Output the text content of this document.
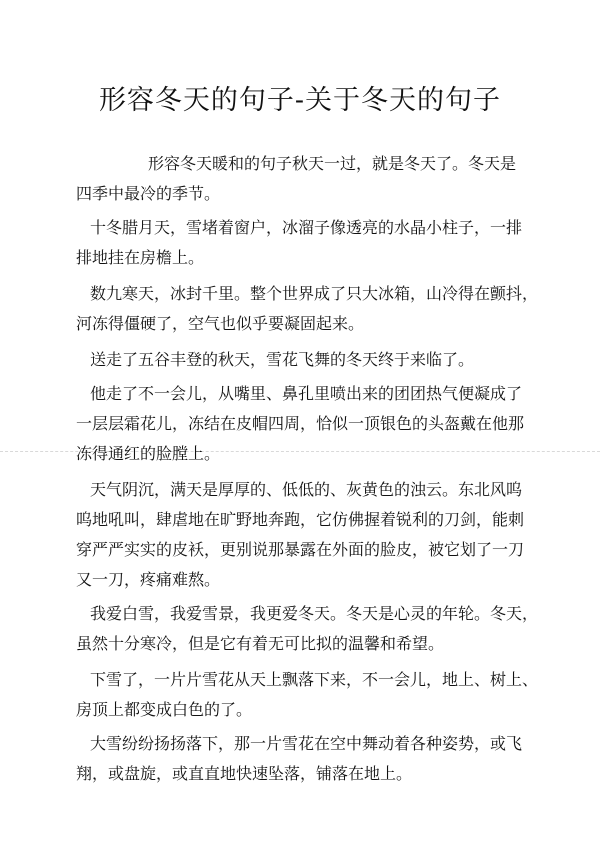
形容冬天的句子-关于冬天的句子
形容冬天暖和的句子秋天一过，就是冬天了。冬天是
四季中最冷的季节。
十冬腊月天，雪堵着窗户，冰溜子像透亮的水晶小柱子，一排
排地挂在房檐上。
数九寒天，冰封千里。整个世界成了只大冰箱，山冷得在颤抖，
河冻得僵硬了，空气也似乎要凝固起来。
送走了五谷丰登的秋天，雪花飞舞的冬天终于来临了。
他走了不一会儿，从嘴里、鼻孔里喷出来的团团热气便凝成了
一层层霜花儿，冻结在皮帽四周，恰似一顶银色的头盔戴在他那
冻得通红的脸膛上。
天气阴沉，满天是厚厚的、低低的、灰黄色的浊云。东北风呜
呜地吼叫，肆虐地在旷野地奔跑，它仿佛握着锐利的刀剑，能刺
穿严严实实的皮袄，更别说那暴露在外面的脸皮，被它划了一刀
又一刀，疼痛难熬。
我爱白雪，我爱雪景，我更爱冬天。冬天是心灵的年轮。冬天，
虽然十分寒冷，但是它有着无可比拟的温馨和希望。
下雪了，一片片雪花从天上飘落下来，不一会儿，地上、树上、
房顶上都变成白色的了。
大雪纷纷扬扬落下，那一片雪花在空中舞动着各种姿势，或飞
翔，或盘旋，或直直地快速坠落，铺落在地上。
